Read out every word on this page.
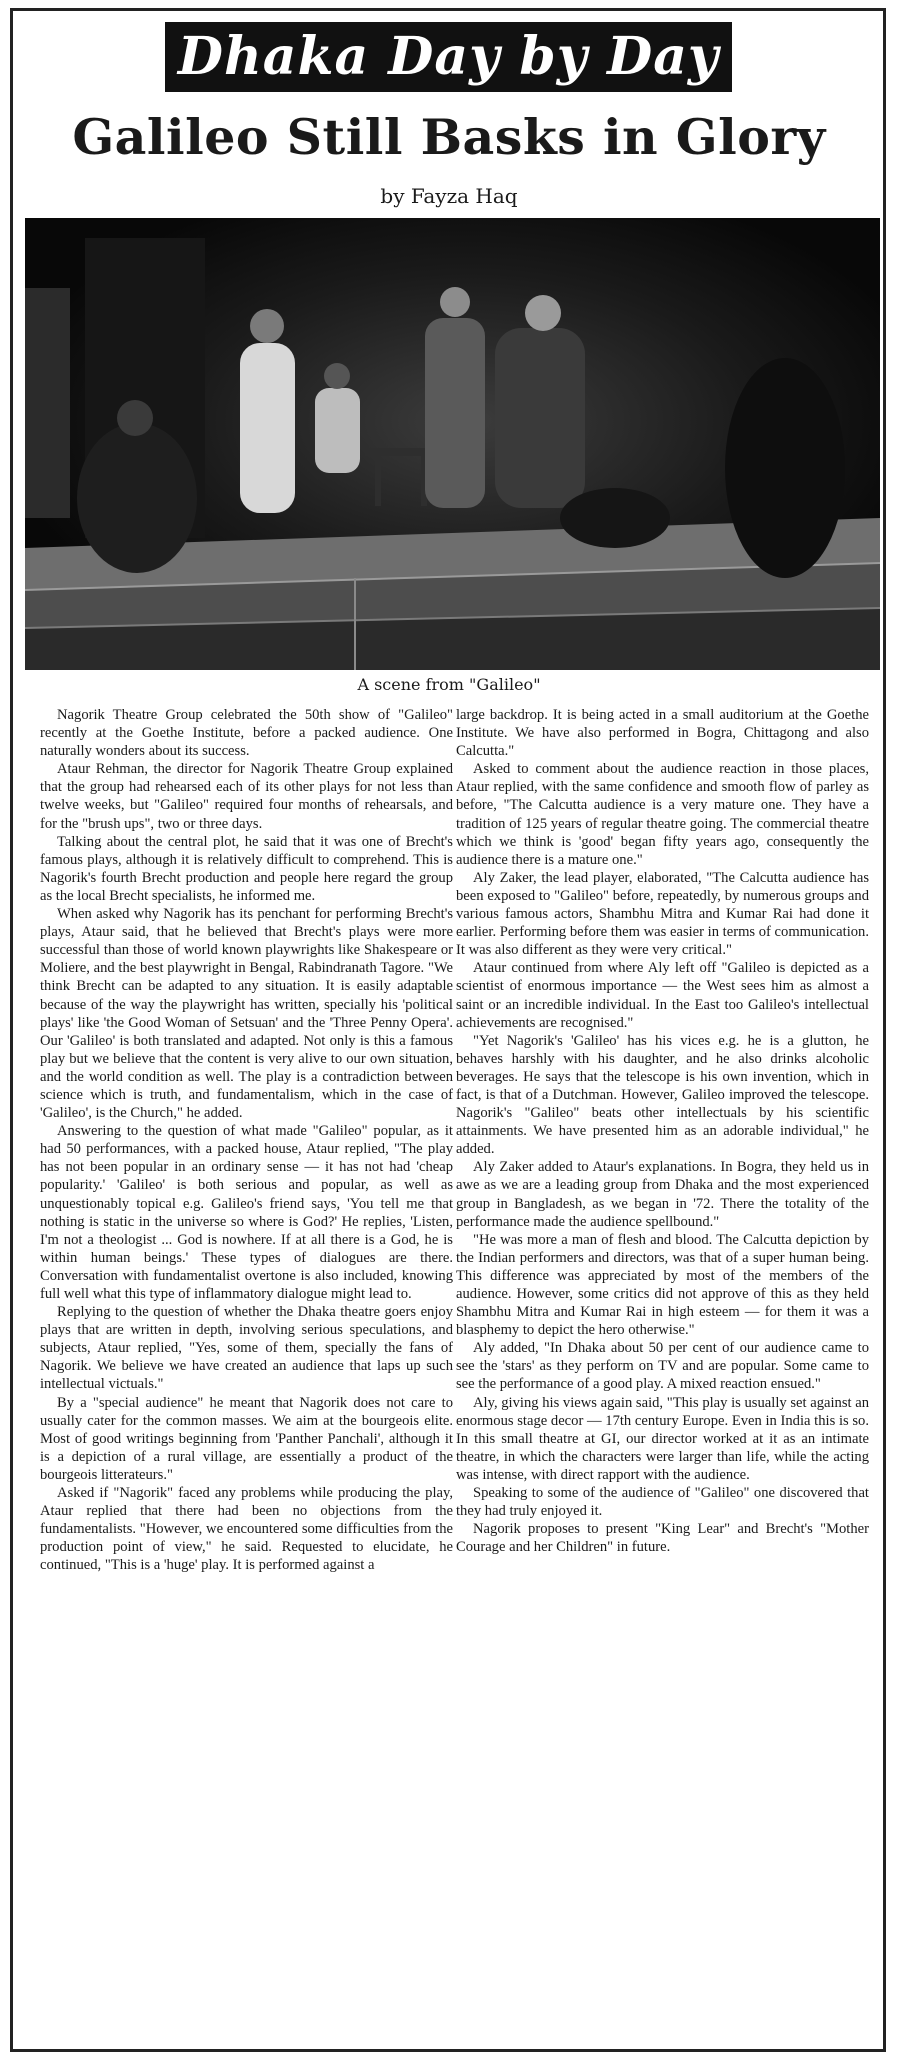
Dhaka Day by Day
Galileo Still Basks in Glory
by Fayza Haq
A scene from "Galileo"

Nagorik Theatre Group celebrated the 50th show of "Galileo" recently at the Goethe Institute, before a packed audience. One naturally wonders about its success.

Ataur Rehman, the director for Nagorik Theatre Group explained that the group had rehearsed each of its other plays for not less than twelve weeks, but "Galileo" required four months of rehearsals, and for the "brush ups", two or three days.

Talking about the central plot, he said that it was one of Brecht's famous plays, although it is relatively difficult to comprehend. This is Nagorik's fourth Brecht production and people here regard the group as the local Brecht specialists, he informed me.

When asked why Nagorik has its penchant for performing Brecht's plays, Ataur said, that he believed that Brecht's plays were more successful than those of world known playwrights like Shakespeare or Moliere, and the best playwright in Bengal, Rabindranath Tagore. "We think Brecht can be adapted to any situation. It is easily adaptable because of the way the playwright has written, specially his 'political plays' like 'the Good Woman of Setsuan' and the 'Three Penny Opera'. Our 'Galileo' is both translated and adapted. Not only is this a famous play but we believe that the content is very alive to our own situation, and the world condition as well. The play is a contradiction between science which is truth, and fundamentalism, which in the case of 'Galileo', is the Church," he added.

Answering to the question of what made "Galileo" popular, as it had 50 performances, with a packed house, Ataur replied, "The play has not been popular in an ordinary sense — it has not had 'cheap popularity.' 'Galileo' is both serious and popular, as well as unquestionably topical e.g. Galileo's friend says, 'You tell me that nothing is static in the universe so where is God?' He replies, 'Listen, I'm not a theologist ... God is nowhere. If at all there is a God, he is within human beings.' These types of dialogues are there. Conversation with fundamentalist overtone is also included, knowing full well what this type of inflammatory dialogue might lead to.

Replying to the question of whether the Dhaka theatre goers enjoy plays that are written in depth, involving serious speculations, and subjects, Ataur replied, "Yes, some of them, specially the fans of Nagorik. We believe we have created an audience that laps up such intellectual victuals."

By a "special audience" he meant that Nagorik does not care to usually cater for the common masses. We aim at the bourgeois elite. Most of good writings beginning from 'Panther Panchali', although it is a depiction of a rural village, are essentially a product of the bourgeois litterateurs."

Asked if "Nagorik" faced any problems while producing the play, Ataur replied that there had been no objections from the fundamentalists. "However, we encountered some difficulties from the production point of view," he said. Requested to elucidate, he continued, "This is a 'huge' play. It is performed against a

large backdrop. It is being acted in a small auditorium at the Goethe Institute. We have also performed in Bogra, Chittagong and also Calcutta."

Asked to comment about the audience reaction in those places, Ataur replied, with the same confidence and smooth flow of parley as before, "The Calcutta audience is a very mature one. They have a tradition of 125 years of regular theatre going. The commercial theatre which we think is 'good' began fifty years ago, consequently the audience there is a mature one."

Aly Zaker, the lead player, elaborated, "The Calcutta audience has been exposed to "Galileo" before, repeatedly, by numerous groups and various famous actors, Shambhu Mitra and Kumar Rai had done it earlier. Performing before them was easier in terms of communication. It was also different as they were very critical."

Ataur continued from where Aly left off "Galileo is depicted as a scientist of enormous importance — the West sees him as almost a saint or an incredible individual. In the East too Galileo's intellectual achievements are recognised."

"Yet Nagorik's 'Galileo' has his vices e.g. he is a glutton, he behaves harshly with his daughter, and he also drinks alcoholic beverages. He says that the telescope is his own invention, which in fact, is that of a Dutchman. However, Galileo improved the telescope. Nagorik's "Galileo" beats other intellectuals by his scientific attainments. We have presented him as an adorable individual," he added.

Aly Zaker added to Ataur's explanations. In Bogra, they held us in awe as we are a leading group from Dhaka and the most experienced group in Bangladesh, as we began in '72. There the totality of the performance made the audience spellbound."

"He was more a man of flesh and blood. The Calcutta depiction by the Indian performers and directors, was that of a super human being. This difference was appreciated by most of the members of the audience. However, some critics did not approve of this as they held Shambhu Mitra and Kumar Rai in high esteem — for them it was a blasphemy to depict the hero otherwise."

Aly added, "In Dhaka about 50 per cent of our audience came to see the 'stars' as they perform on TV and are popular. Some came to see the performance of a good play. A mixed reaction ensued."

Aly, giving his views again said, "This play is usually set against an enormous stage decor — 17th century Europe. Even in India this is so. In this small theatre at GI, our director worked at it as an intimate theatre, in which the characters were larger than life, while the acting was intense, with direct rapport with the audience.

Speaking to some of the audience of "Galileo" one discovered that they had truly enjoyed it.

Nagorik proposes to present "King Lear" and Brecht's "Mother Courage and her Children" in future.
